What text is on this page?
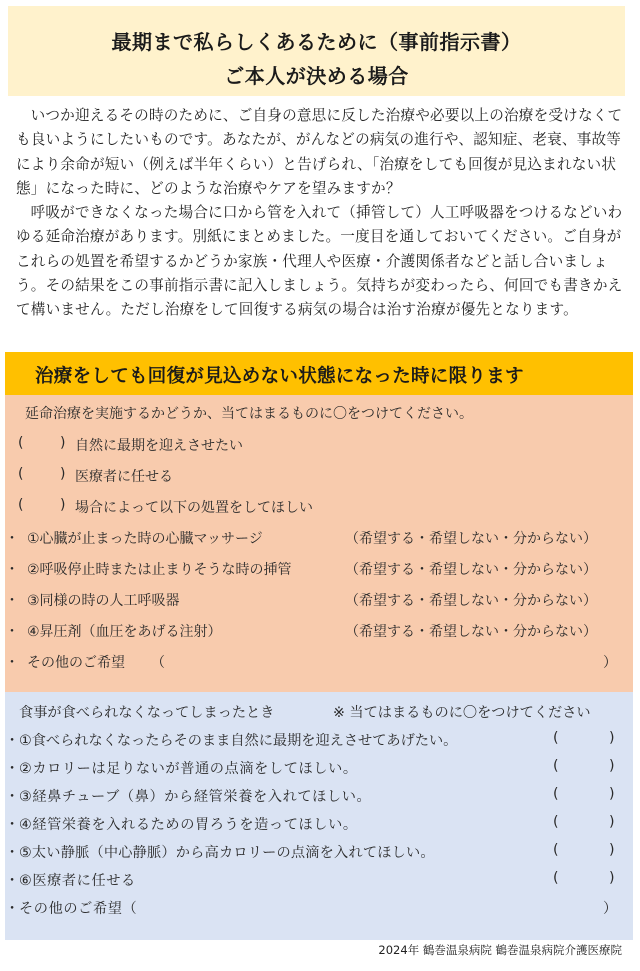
最期まで私らしくあるために（事前指示書）
ご本人が決める場合

いつか迎えるその時のために、ご自身の意思に反した治療や必要以上の治療を受けなくても良いようにしたいものです。あなたが、がんなどの病気の進行や、認知症、老衰、事故等により余命が短い（例えば半年くらい）と告げられ、「治療をしても回復が見込まれない状態」になった時に、どのような治療やケアを望みますか？

呼吸ができなくなった場合に口から管を入れて（挿管して）人工呼吸器をつけるなどいわゆる延命治療があります。別紙にまとめました。一度目を通しておいてください。ご自身がこれらの処置を希望するかどうか家族・代理人や医療・介護関係者などと話し合いましょう。その結果をこの事前指示書に記入しましょう。気持ちが変わったら、何回でも書きかえて構いません。ただし治療をして回復する病気の場合は治す治療が優先となります。

治療をしても回復が見込めない状態になった時に限ります
延命治療を実施するかどうか、当てはまるものに〇をつけてください。
(	) 自然に最期を迎えさせたい
(	) 医療者に任せる
(	) 場合によって以下の処置をしてほしい
・ ①心臓が止まった時の心臓マッサージ	（希望する・希望しない・分からない）
・ ②呼吸停止時または止まりそうな時の挿管	（希望する・希望しない・分からない）
・ ③同様の時の人工呼吸器	（希望する・希望しない・分からない）
・ ④昇圧剤（血圧をあげる注射）	（希望する・希望しない・分からない）
・ その他のご希望 （	）
食事が食べられなくなってしまったとき	※ 当てはまるものに〇をつけてください
・ ①食べられなくなったらそのまま自然に最期を迎えさせてあげたい。	(	)
・ ②カロリーは足りないが普通の点滴をしてほしい。	(	)
・ ③経鼻チューブ（鼻）から経管栄養を入れてほしい。	(	)
・ ④経管栄養を入れるための胃ろうを造ってほしい。	(	)
・ ⑤太い静脈（中心静脈）から高カロリーの点滴を入れてほしい。	(	)
・ ⑥医療者に任せる	(	)
・ その他のご希望（	）
2024年 鶴巻温泉病院 鶴巻温泉病院介護医療院
